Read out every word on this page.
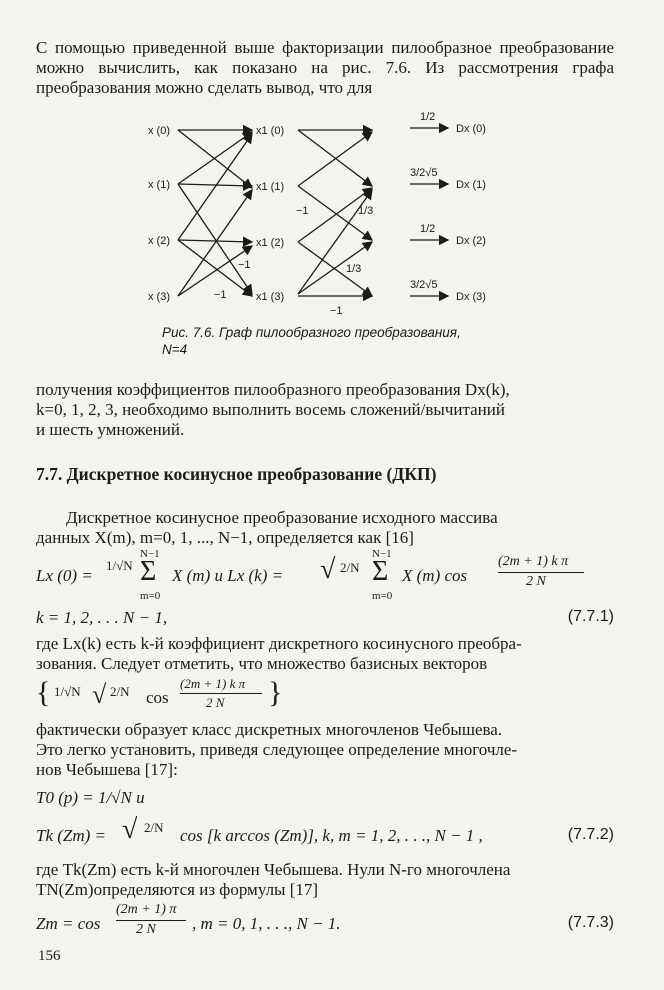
С помощью приведенной выше факторизации пилообразное преобразование можно вычислить, как показано на рис. 7.6. Из рассмотрения графа преобразования можно сделать вывод, что для
x (0)
x (1)
x (2)
x (3)
x1 (0)
x1 (1)
x1 (2)
x1 (3)
1/2
3/2√5
1/2
3/2√5
Dx (0)
Dx (1)
Dx (2)
Dx (3)
−1
−1
−1	1/3
1/3
−1
Рис. 7.6. Граф пилообразного преобразования,
N=4
получения коэффициентов пилообразного преобразования Dx(k),
k=0, 1, 2, 3, необходимо выполнить восемь сложений/вычитаний
и шесть умножений.
7.7. Дискретное косинусное преобразование (ДКП)
Дискретное косинусное преобразование исходного массива
данных X(m), m=0, 1, ..., N−1, определяется как [16]
Lx (0) =
1/√N
N−1
Σ
m=0
X (m) и Lx (k) = √ 2/N
N−1
Σ
m=0
X (m) cos
(2m + 1) k π
2 N
k = 1, 2, . . . N − 1,	(7.7.1)
где Lx(k) есть k-й коэффициент дискретного косинусного преобра-
зования. Следует отметить, что множество базисных векторов
{ 1/√N √ 2/N cos
(2m + 1) k π
2 N }
фактически образует класс дискретных многочленов Чебышева.
Это легко установить, приведя следующее определение многочле-
нов Чебышева [17]:
T0 (p) = 1/√N и
Tk (Zm) = √ 2/N cos [k arccos (Zm)], k, m = 1, 2, . . ., N − 1 ,	(7.7.2)
где Tk(Zm) есть k-й многочлен Чебышева. Нули N-го многочлена
TN(Zm)определяются из формулы [17]
Zm = cos
(2m + 1) π
2 N , m = 0, 1, . . ., N − 1.	(7.7.3)
156
